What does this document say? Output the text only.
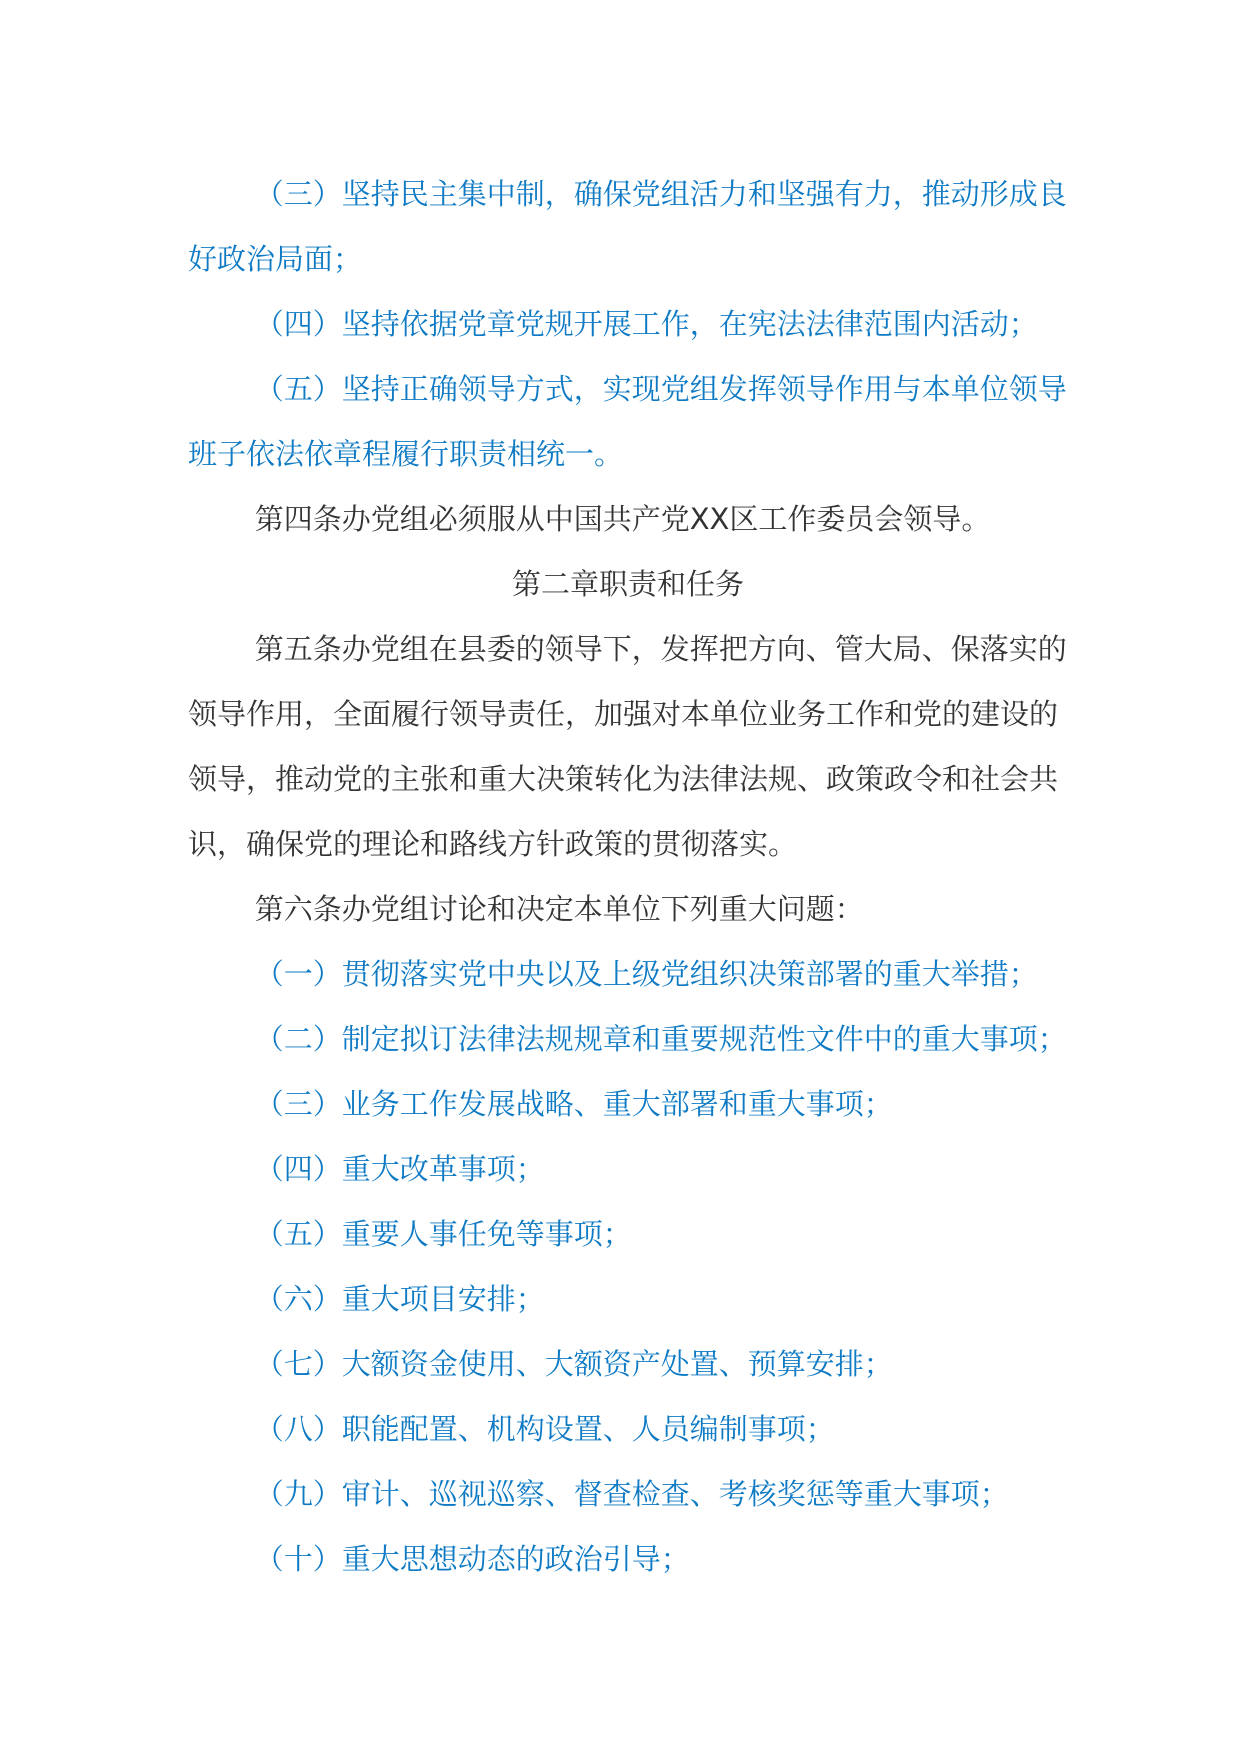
（三）坚持民主集中制，确保党组活力和坚强有力，推动形成良好政治局面；

（四）坚持依据党章党规开展工作，在宪法法律范围内活动；

（五）坚持正确领导方式，实现党组发挥领导作用与本单位领导班子依法依章程履行职责相统一。

第四条办党组必须服从中国共产党XX区工作委员会领导。

第二章职责和任务

第五条办党组在县委的领导下，发挥把方向、管大局、保落实的领导作用，全面履行领导责任，加强对本单位业务工作和党的建设的领导，推动党的主张和重大决策转化为法律法规、政策政令和社会共识，确保党的理论和路线方针政策的贯彻落实。

第六条办党组讨论和决定本单位下列重大问题：

（一）贯彻落实党中央以及上级党组织决策部署的重大举措；

（二）制定拟订法律法规规章和重要规范性文件中的重大事项；

（三）业务工作发展战略、重大部署和重大事项；

（四）重大改革事项；

（五）重要人事任免等事项；

（六）重大项目安排；

（七）大额资金使用、大额资产处置、预算安排；

（八）职能配置、机构设置、人员编制事项；

（九）审计、巡视巡察、督查检查、考核奖惩等重大事项；

（十）重大思想动态的政治引导；
